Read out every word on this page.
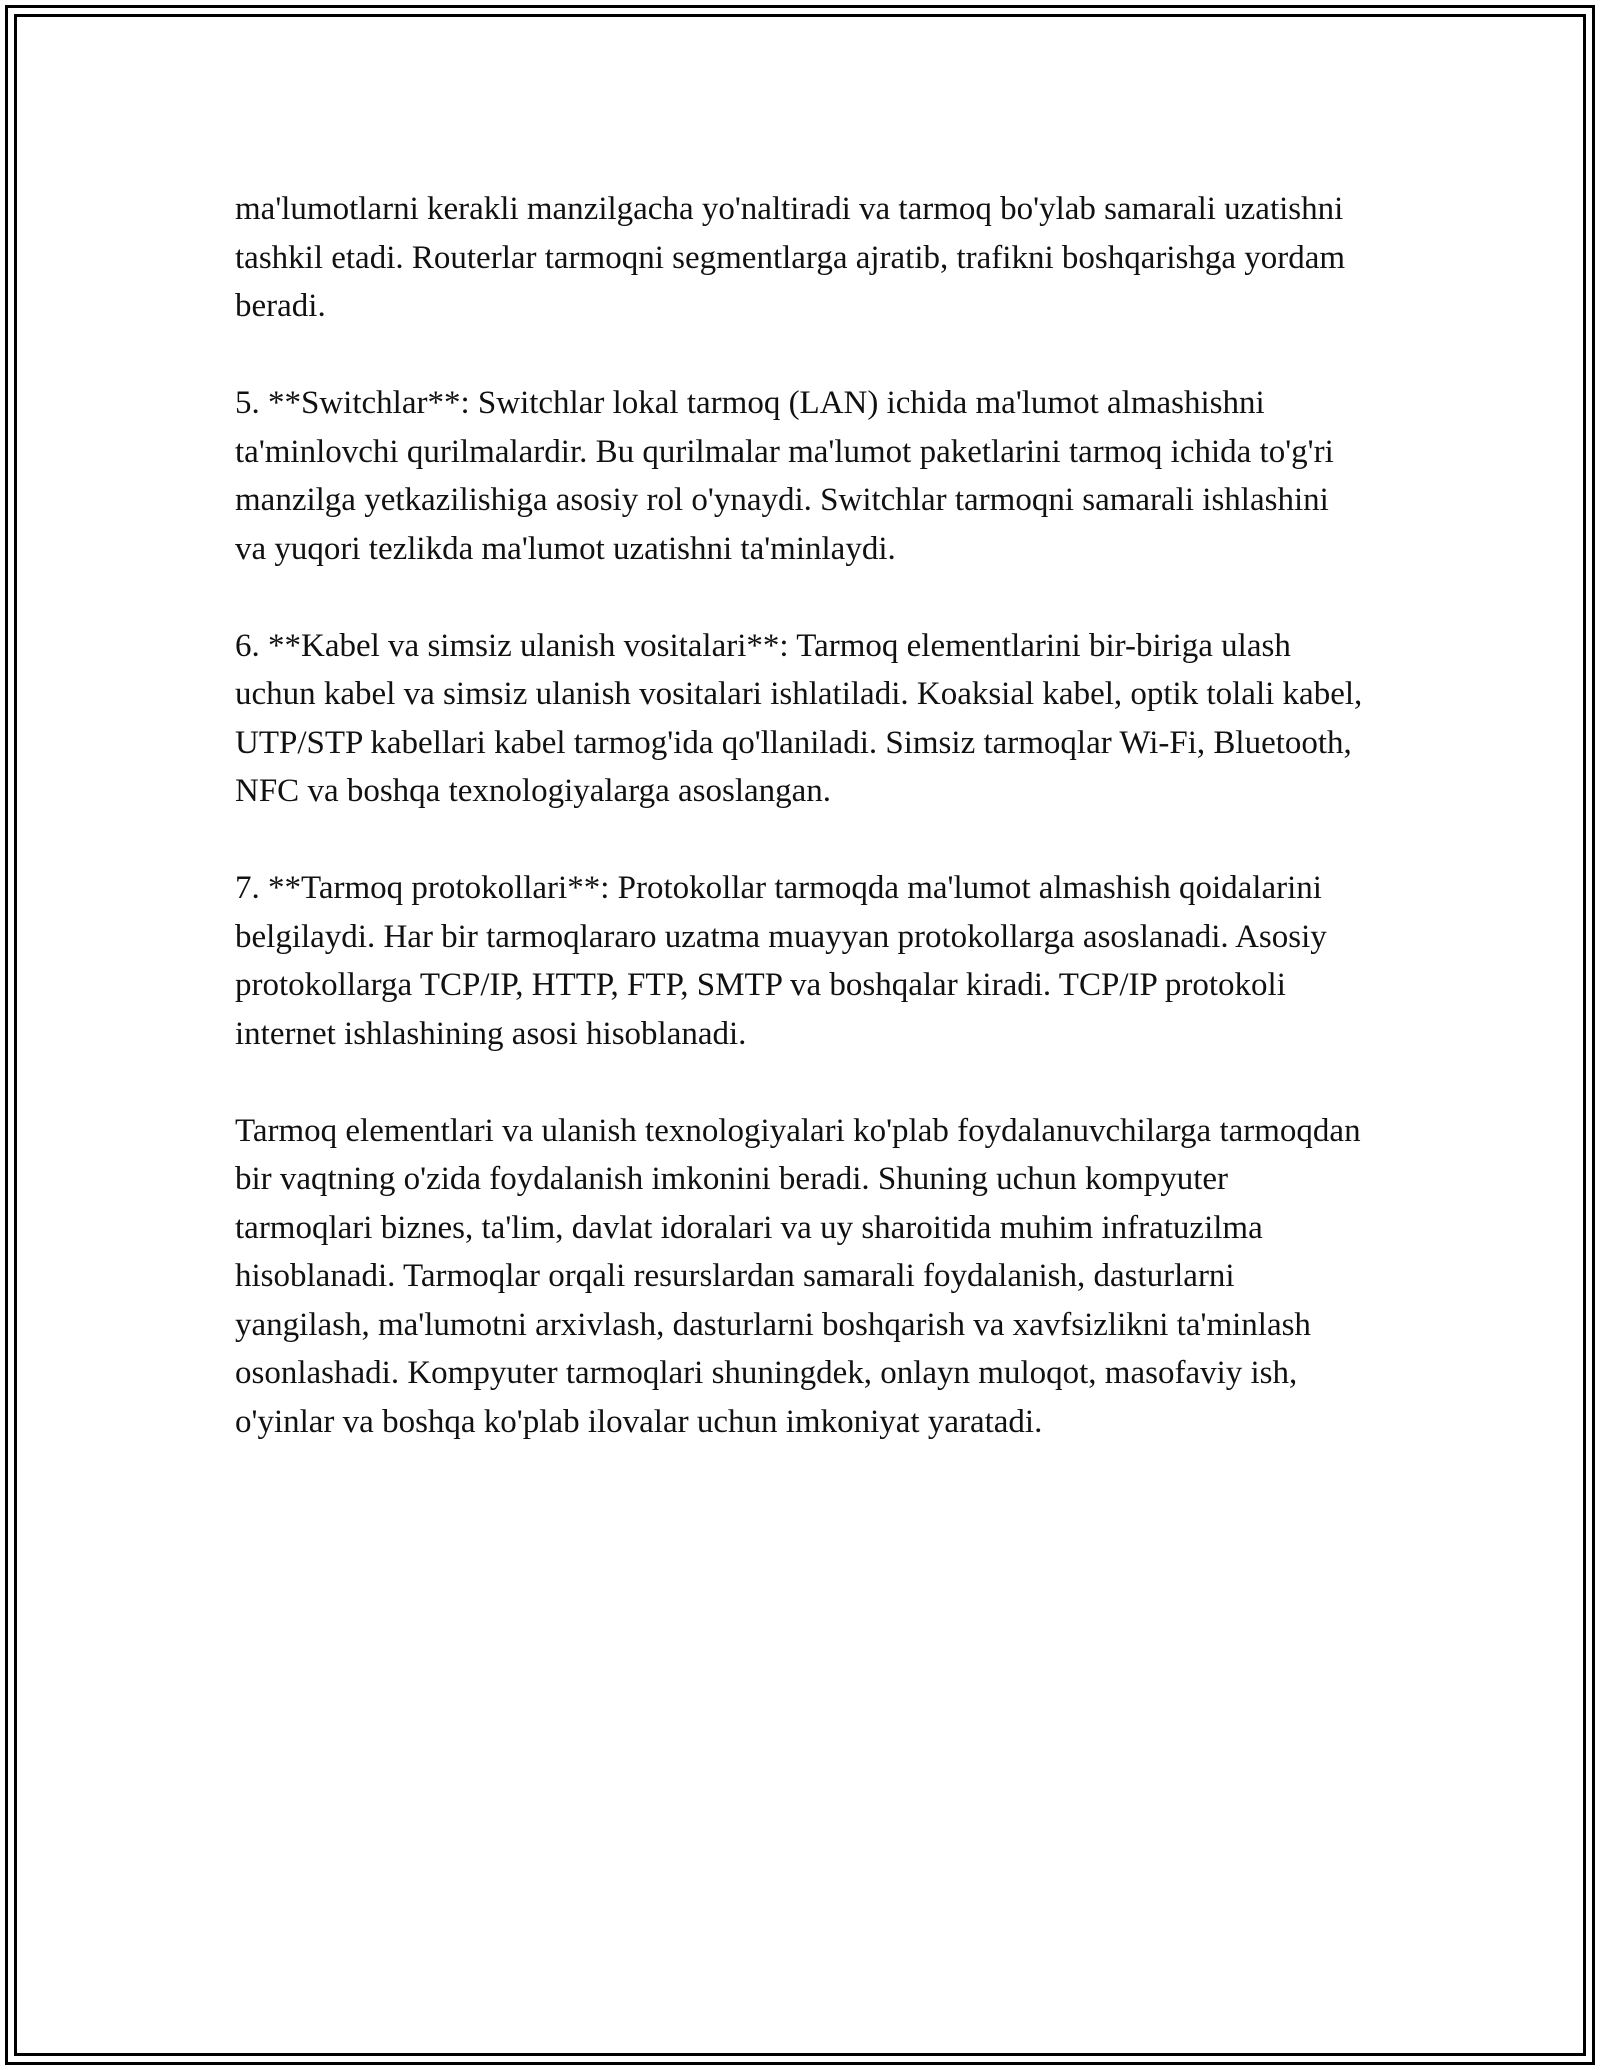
ma'lumotlarni kerakli manzilgacha yo'naltiradi va tarmoq bo'ylab samarali uzatishni tashkil etadi. Routerlar tarmoqni segmentlarga ajratib, trafikni boshqarishga yordam beradi.

5. **Switchlar**: Switchlar lokal tarmoq (LAN) ichida ma'lumot almashishni ta'minlovchi qurilmalardir. Bu qurilmalar ma'lumot paketlarini tarmoq ichida to'g'ri manzilga yetkazilishiga asosiy rol o'ynaydi. Switchlar tarmoqni samarali ishlashini va yuqori tezlikda ma'lumot uzatishni ta'minlaydi.

6. **Kabel va simsiz ulanish vositalari**: Tarmoq elementlarini bir-biriga ulash uchun kabel va simsiz ulanish vositalari ishlatiladi. Koaksial kabel, optik tolali kabel, UTP/STP kabellari kabel tarmog'ida qo'llaniladi. Simsiz tarmoqlar Wi-Fi, Bluetooth, NFC va boshqa texnologiyalarga asoslangan.

7. **Tarmoq protokollari**: Protokollar tarmoqda ma'lumot almashish qoidalarini belgilaydi. Har bir tarmoqlararo uzatma muayyan protokollarga asoslanadi. Asosiy protokollarga TCP/IP, HTTP, FTP, SMTP va boshqalar kiradi. TCP/IP protokoli internet ishlashining asosi hisoblanadi.

Tarmoq elementlari va ulanish texnologiyalari ko'plab foydalanuvchilarga tarmoqdan bir vaqtning o'zida foydalanish imkonini beradi. Shuning uchun kompyuter tarmoqlari biznes, ta'lim, davlat idoralari va uy sharoitida muhim infratuzilma hisoblanadi. Tarmoqlar orqali resurslardan samarali foydalanish, dasturlarni yangilash, ma'lumotni arxivlash, dasturlarni boshqarish va xavfsizlikni ta'minlash osonlashadi. Kompyuter tarmoqlari shuningdek, onlayn muloqot, masofaviy ish, o'yinlar va boshqa ko'plab ilovalar uchun imkoniyat yaratadi.
